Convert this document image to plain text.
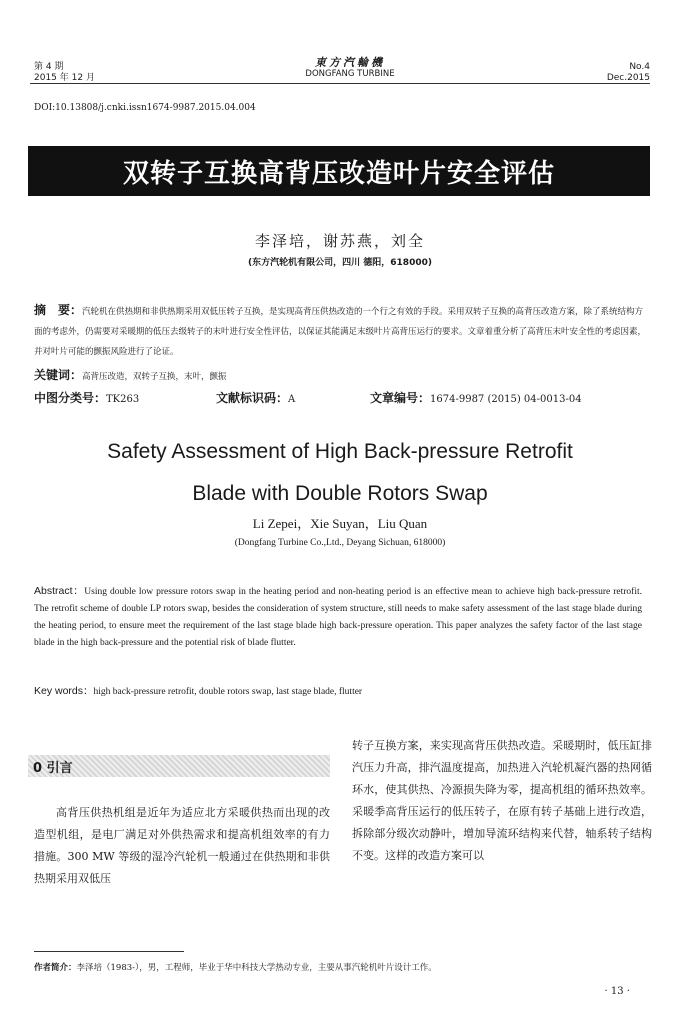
第 4 期
2015 年 12 月
東方汽輪機
DONGFANG TURBINE
No.4
Dec.2015
DOI:10.13808/j.cnki.issn1674-9987.2015.04.004
双转子互换高背压改造叶片安全评估
李泽培，谢苏燕，刘全
(东方汽轮机有限公司，四川 德阳，618000)
摘　要：汽轮机在供热期和非供热期采用双低压转子互换，是实现高背压供热改造的一个行之有效的手段。采用双转子互换的高背压改造方案，除了系统结构方面的考虑外，仍需要对采暖期的低压去级转子的末叶进行安全性评估，以保证其能满足末级叶片高背压运行的要求。文章着重分析了高背压末叶安全性的考虑因素，并对叶片可能的颤振风险进行了论证。
关键词：高背压改造，双转子互换，末叶，颤振
中图分类号：TK263	文献标识码：A	文章编号：1674-9987 (2015) 04-0013-04
Safety Assessment of High Back-pressure Retrofit
Blade with Double Rotors Swap
Li Zepei，Xie Suyan，Liu Quan
(Dongfang Turbine Co.,Ltd., Deyang Sichuan, 618000)
Abstract：Using double low pressure rotors swap in the heating period and non-heating period is an effective mean to achieve high back-pressure retrofit. The retrofit scheme of double LP rotors swap, besides the consideration of system structure, still needs to make safety assessment of the last stage blade during the heating period, to ensure meet the requirement of the last stage blade high back-pressure operation. This paper analyzes the safety factor of the last stage blade in the high back-pressure and the potential risk of blade flutter.
Key words：high back-pressure retrofit, double rotors swap, last stage blade, flutter
0 引言
高背压供热机组是近年为适应北方采暖供热而出现的改造型机组，是电厂满足对外供热需求和提高机组效率的有力措施。300 MW 等级的湿冷汽轮机一般通过在供热期和非供热期采用双低压
转子互换方案，来实现高背压供热改造。采暖期时，低压缸排汽压力升高，排汽温度提高，加热进入汽轮机凝汽器的热网循环水，使其供热、冷源损失降为零，提高机组的循环热效率。采暖季高背压运行的低压转子，在原有转子基础上进行改造，拆除部分级次动静叶，增加导流环结构来代替，轴系转子结构不变。这样的改造方案可以
作者简介：李泽培（1983-），男，工程师，毕业于华中科技大学热动专业，主要从事汽轮机叶片设计工作。
· 13 ·
